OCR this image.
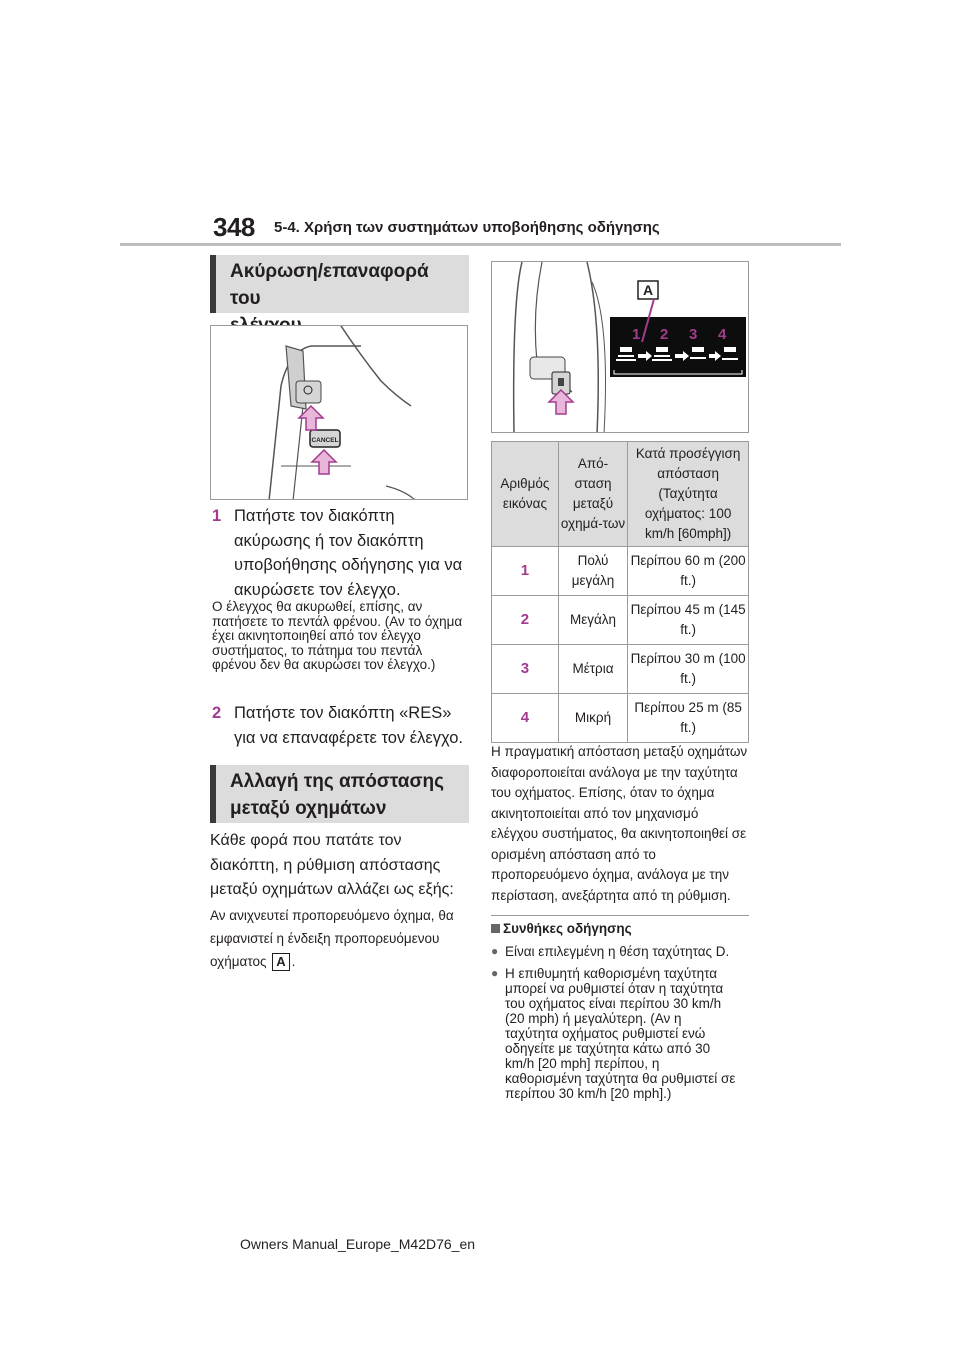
348 5-4. Χρήση των συστημάτων υποβοήθησης οδήγησης
Ακύρωση/επαναφορά του
CANCEL
1 Πατήστε τον διακόπτη ακύρωσης ή τον διακόπτη υποβοήθησης οδήγησης για να ακυρώσετε τον έλεγχο.
Ο έλεγχος θα ακυρωθεί, επίσης, αν πατήσετε το πεντάλ φρένου. (Αν το όχημα έχει ακινητοποιηθεί από τον έλεγχο συστήματος, το πάτημα του πεντάλ φρένου δεν θα ακυρώσει τον έλεγχο.)
2 Πατήστε τον διακόπτη «RES» για να επαναφέρετε τον έλεγχο.
Αλλαγή της απόστασης
μεταξύ οχημάτων
Κάθε φορά που πατάτε τον διακόπτη, η ρύθμιση απόστασης μεταξύ οχημάτων αλλάζει ως εξής:
Αν ανιχνευτεί προπορευόμενο όχημα, θα εμφανιστεί η ένδειξη προπορευόμενου οχήματος A .
A
1 2 3 4
Αριθμός εικόνας	Από-σταση μεταξύ οχημά-των	Κατά προσέγγιση απόσταση (Ταχύτητα οχήματος: 100 km/h [60mph])
1	Πολύ μεγάλη	Περίπου 60 m (200 ft.)
2	Μεγάλη	Περίπου 45 m (145 ft.)
3	Μέτρια	Περίπου 30 m (100 ft.)
4	Μικρή	Περίπου 25 m (85 ft.)
Η πραγματική απόσταση μεταξύ οχημάτων διαφοροποιείται ανάλογα με την ταχύτητα του οχήματος. Επίσης, όταν το όχημα ακινητοποιείται από τον μηχανισμό ελέγχου συστήματος, θα ακινητοποιηθεί σε ορισμένη απόσταση από το προπορευόμενο όχημα, ανάλογα με την περίσταση, ανεξάρτητα από τη ρύθμιση.
Συνθήκες οδήγησης
● Είναι επιλεγμένη η θέση ταχύτητας D.
● Η επιθυμητή καθορισμένη ταχύτητα μπορεί να ρυθμιστεί όταν η ταχύτητα του οχήματος είναι περίπου 30 km/h (20 mph) ή μεγαλύτερη. (Αν η ταχύτητα οχήματος ρυθμιστεί ενώ οδηγείτε με ταχύτητα κάτω από 30 km/h [20 mph] περίπου, η καθορισμένη ταχύτητα θα ρυθμιστεί σε περίπου 30 km/h [20 mph].)
Owners Manual_Europe_M42D76_en
